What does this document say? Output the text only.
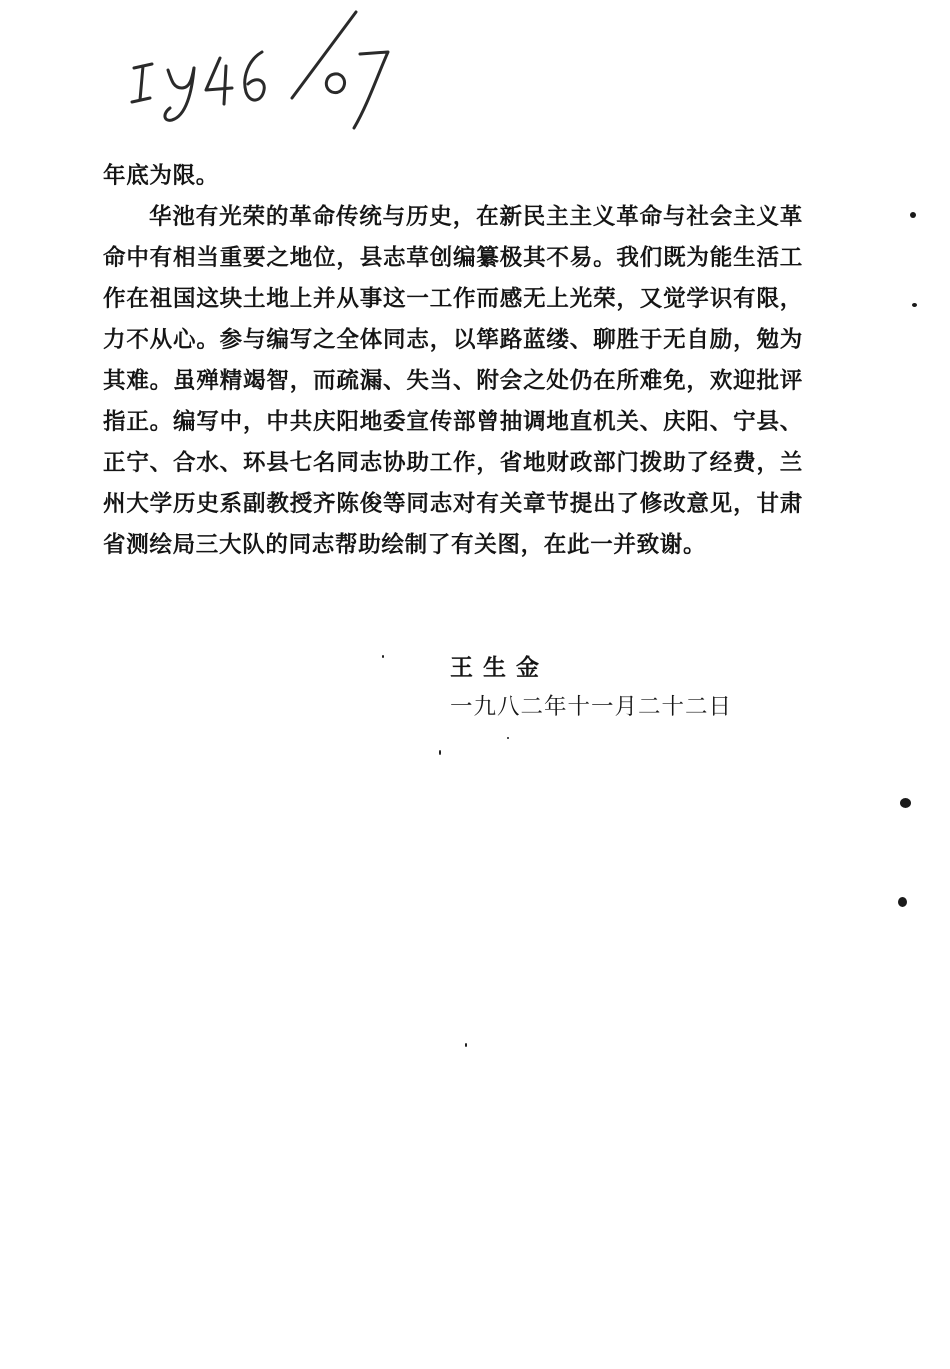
年底为限。

华池有光荣的革命传统与历史，在新民主主义革命与社会主义革命中有相当重要之地位，县志草创编纂极其不易。我们既为能生活工作在祖国这块土地上并从事这一工作而感无上光荣，又觉学识有限，力不从心。参与编写之全体同志，以筚路蓝缕、聊胜于无自励，勉为其难。虽殚精竭智，而疏漏、失当、附会之处仍在所难免，欢迎批评指正。编写中，中共庆阳地委宣传部曾抽调地直机关、庆阳、宁县、正宁、合水、环县七名同志协助工作，省地财政部门拨助了经费，兰州大学历史系副教授齐陈俊等同志对有关章节提出了修改意见，甘肃省测绘局三大队的同志帮助绘制了有关图，在此一并致谢。

王生金
一九八二年十一月二十二日
